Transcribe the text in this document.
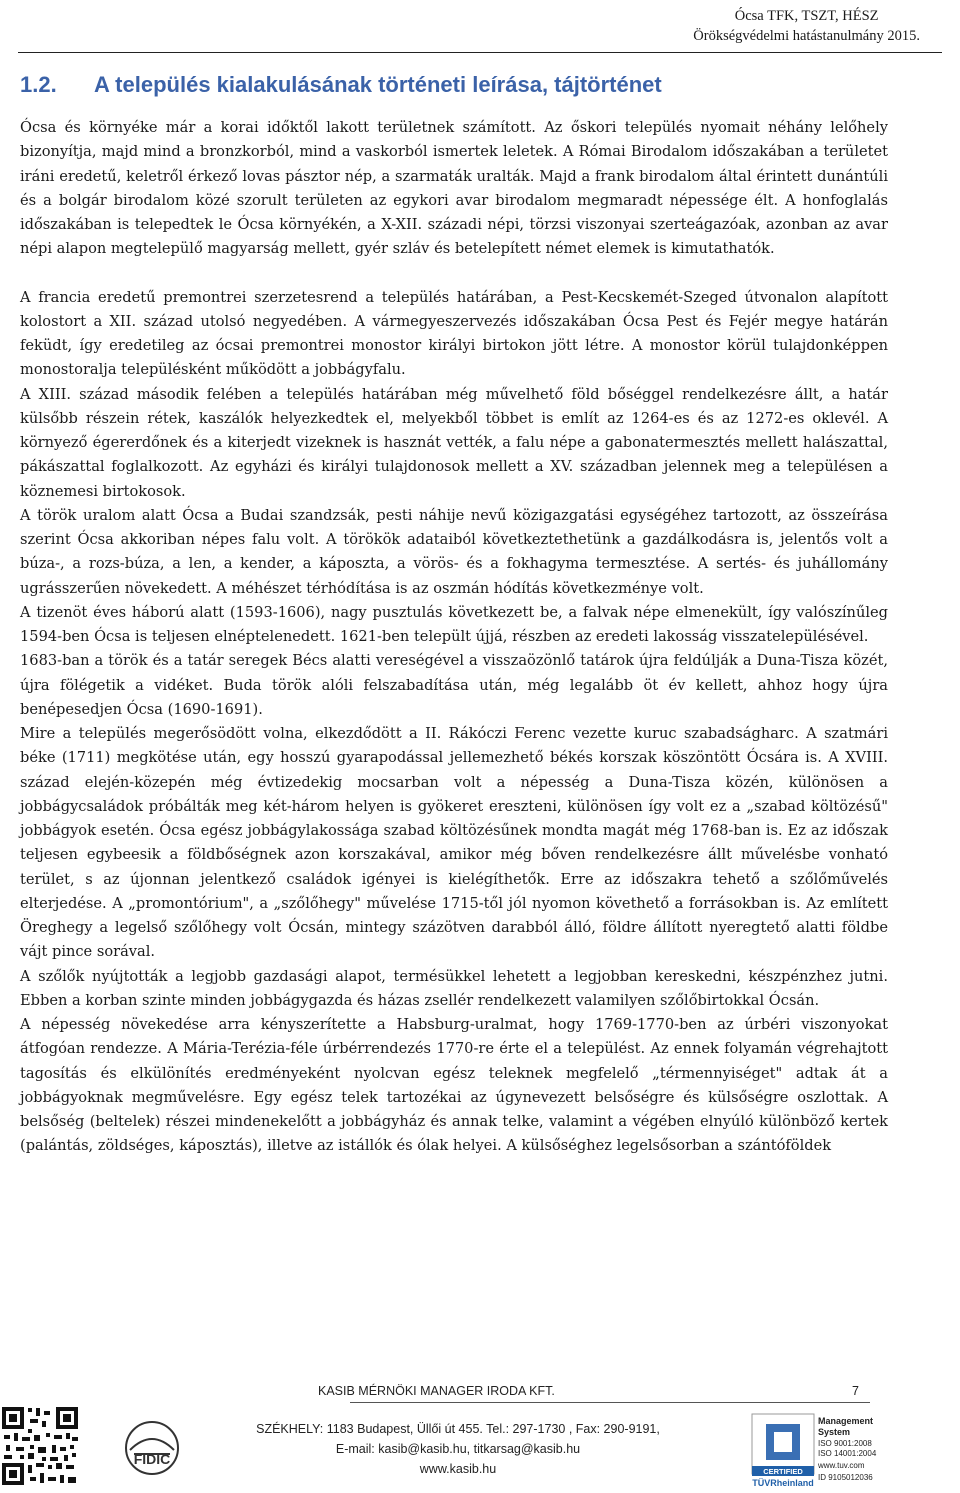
Ócsa TFK, TSZT, HÉSZ
Örökségvédelmi hatástanulmány 2015.
1.2. A település kialakulásának történeti leírása, tájtörténet

Ócsa és környéke már a korai időktől lakott területnek számított. Az őskori település nyomait néhány lelőhely bizonyítja, majd mind a bronzkorból, mind a vaskorból ismertek leletek. A Római Birodalom időszakában a területet iráni eredetű, keletről érkező lovas pásztor nép, a szarmaták uralták. Majd a frank birodalom által érintett dunántúli és a bolgár birodalom közé szorult területen az egykori avar birodalom megmaradt népessége élt. A honfoglalás időszakában is telepedtek le Ócsa környékén, a X-XII. századi népi, törzsi viszonyai szerteágazóak, azonban az avar népi alapon megtelepülő magyarság mellett, gyér szláv és betelepített német elemek is kimutathatók.

A francia eredetű premontrei szerzetesrend a település határában, a Pest-Kecskemét-Szeged útvonalon alapított kolostort a XII. század utolsó negyedében. A vármegyeszervezés időszakában Ócsa Pest és Fejér megye határán feküdt, így eredetileg az ócsai premontrei monostor királyi birtokon jött létre. A monostor körül tulajdonképpen monostoralja településként működött a jobbágyfalu.

A XIII. század második felében a település határában még művelhető föld bőséggel rendelkezésre állt, a határ külsőbb részein rétek, kaszálók helyezkedtek el, melyekből többet is említ az 1264-es és az 1272-es oklevél. A környező égererdőnek és a kiterjedt vizeknek is hasznát vették, a falu népe a gabonatermesztés mellett halászattal, pákászattal foglalkozott. Az egyházi és királyi tulajdonosok mellett a XV. században jelennek meg a településen a köznemesi birtokosok.

A török uralom alatt Ócsa a Budai szandzsák, pesti náhije nevű közigazgatási egységéhez tartozott, az összeírása szerint Ócsa akkoriban népes falu volt. A törökök adataiból következtethetünk a gazdálkodásra is, jelentős volt a búza-, a rozs-búza, a len, a kender, a káposzta, a vörös- és a fokhagyma termesztése. A sertés- és juhállomány ugrásszerűen növekedett. A méhészet térhódítása is az oszmán hódítás következménye volt.

A tizenöt éves háború alatt (1593-1606), nagy pusztulás következett be, a falvak népe elmenekült, így valószínűleg 1594-ben Ócsa is teljesen elnéptelenedett. 1621-ben települt újjá, részben az eredeti lakosság visszatelepülésével.

1683-ban a török és a tatár seregek Bécs alatti vereségével a visszaözönlő tatárok újra feldúlják a Duna-Tisza közét, újra fölégetik a vidéket. Buda török alóli felszabadítása után, még legalább öt év kellett, ahhoz hogy újra benépesedjen Ócsa (1690-1691).

Mire a település megerősödött volna, elkezdődött a II. Rákóczi Ferenc vezette kuruc szabadságharc. A szatmári béke (1711) megkötése után, egy hosszú gyarapodással jellemezhető békés korszak köszöntött Ócsára is. A XVIII. század elején-közepén még évtizedekig mocsarban volt a népesség a Duna-Tisza közén, különösen a jobbágycsaládok próbálták meg két-három helyen is gyökeret ereszteni, különösen így volt ez a „szabad költözésű" jobbágyok esetén. Ócsa egész jobbágylakossága szabad költözésűnek mondta magát még 1768-ban is. Ez az időszak teljesen egybeesik a földbőségnek azon korszakával, amikor még bőven rendelkezésre állt művelésbe vonható terület, s az újonnan jelentkező családok igényei is kielégíthetők. Erre az időszakra tehető a szőlőművelés elterjedése. A „promontórium", a „szőlőhegy" művelése 1715-től jól nyomon követhető a forrásokban is. Az említett Öreghegy a legelső szőlőhegy volt Ócsán, mintegy százötven darabból álló, földre állított nyeregtető alatti földbe vájt pince sorával.

A szőlők nyújtották a legjobb gazdasági alapot, termésükkel lehetett a legjobban kereskedni, készpénzhez jutni. Ebben a korban szinte minden jobbágygazda és házas zsellér rendelkezett valamilyen szőlőbirtokkal Ócsán.

A népesség növekedése arra kényszerítette a Habsburg-uralmat, hogy 1769-1770-ben az úrbéri viszonyokat átfogóan rendezze. A Mária-Terézia-féle úrbérrendezés 1770-re érte el a települést. Az ennek folyamán végrehajtott tagosítás és elkülönítés eredményeként nyolcvan egész teleknek megfelelő „térmennyiséget" adtak át a jobbágyoknak megművelésre. Egy egész telek tartozékai az úgynevezett belsőségre és külsőségre oszlottak. A belsőség (beltelek) részei mindenekelőtt a jobbágyház és annak telke, valamint a végében elnyúló különböző kertek (palántás, zöldséges, káposztás), illetve az istállók és ólak helyei. A külsőséghez legelsősorban a szántóföldek

KASIB MÉRNÖKI MANAGER IRODA KFT.	7
SZÉKHELY: 1183 Budapest, Üllői út 455. Tel.: 297-1730 , Fax: 290-9191,
E-mail: kasib@kasib.hu, titkarsag@kasib.hu
www.kasib.hu
FIDIC
TÜVRheinland
CERTIFIED
Management
System
ISO 9001:2008
ISO 14001:2004
www.tuv.com
ID 9105012036
